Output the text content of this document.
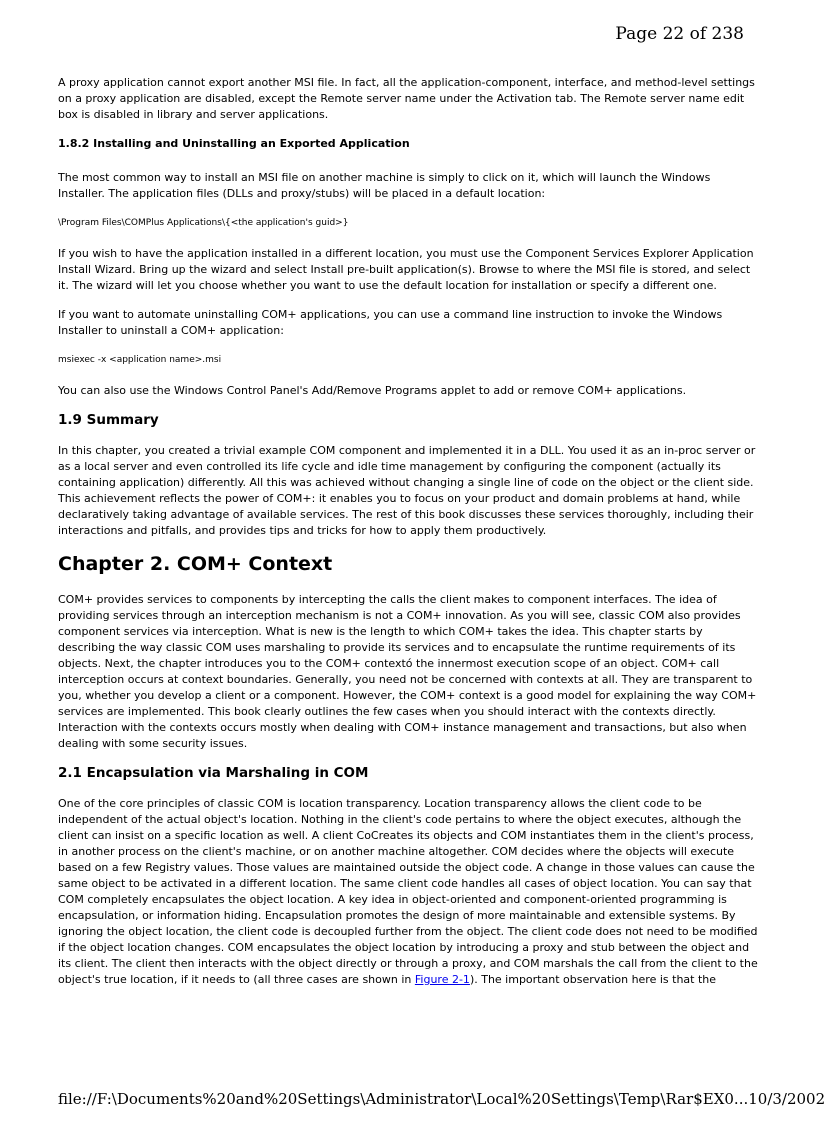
Page 22 of 238

A proxy application cannot export another MSI file. In fact, all the application-component, interface, and method-level settings on a proxy application are disabled, except the Remote server name under the Activation tab. The Remote server name edit box is disabled in library and server applications.

1.8.2 Installing and Uninstalling an Exported Application

The most common way to install an MSI file on another machine is simply to click on it, which will launch the Windows Installer. The application files (DLLs and proxy/stubs) will be placed in a default location:

\Program Files\COMPlus Applications\{<the application's guid>}

If you wish to have the application installed in a different location, you must use the Component Services Explorer Application Install Wizard. Bring up the wizard and select Install pre-built application(s). Browse to where the MSI file is stored, and select it. The wizard will let you choose whether you want to use the default location for installation or specify a different one.

If you want to automate uninstalling COM+ applications, you can use a command line instruction to invoke the Windows Installer to uninstall a COM+ application:

msiexec -x <application name>.msi

You can also use the Windows Control Panel's Add/Remove Programs applet to add or remove COM+ applications.

1.9 Summary

In this chapter, you created a trivial example COM component and implemented it in a DLL. You used it as an in-proc server or as a local server and even controlled its life cycle and idle time management by configuring the component (actually its containing application) differently. All this was achieved without changing a single line of code on the object or the client side. This achievement reflects the power of COM+: it enables you to focus on your product and domain problems at hand, while declaratively taking advantage of available services. The rest of this book discusses these services thoroughly, including their interactions and pitfalls, and provides tips and tricks for how to apply them productively.

Chapter 2. COM+ Context

COM+ provides services to components by intercepting the calls the client makes to component interfaces. The idea of providing services through an interception mechanism is not a COM+ innovation. As you will see, classic COM also provides component services via interception. What is new is the length to which COM+ takes the idea. This chapter starts by describing the way classic COM uses marshaling to provide its services and to encapsulate the runtime requirements of its objects. Next, the chapter introduces you to the COM+ contextó the innermost execution scope of an object. COM+ call interception occurs at context boundaries. Generally, you need not be concerned with contexts at all. They are transparent to you, whether you develop a client or a component. However, the COM+ context is a good model for explaining the way COM+ services are implemented. This book clearly outlines the few cases when you should interact with the contexts directly. Interaction with the contexts occurs mostly when dealing with COM+ instance management and transactions, but also when dealing with some security issues.

2.1 Encapsulation via Marshaling in COM

One of the core principles of classic COM is location transparency. Location transparency allows the client code to be independent of the actual object's location. Nothing in the client's code pertains to where the object executes, although the client can insist on a specific location as well. A client CoCreates its objects and COM instantiates them in the client's process, in another process on the client's machine, or on another machine altogether. COM decides where the objects will execute based on a few Registry values. Those values are maintained outside the object code. A change in those values can cause the same object to be activated in a different location. The same client code handles all cases of object location. You can say that COM completely encapsulates the object location. A key idea in object-oriented and component-oriented programming is encapsulation, or information hiding. Encapsulation promotes the design of more maintainable and extensible systems. By ignoring the object location, the client code is decoupled further from the object. The client code does not need to be modified if the object location changes. COM encapsulates the object location by introducing a proxy and stub between the object and its client. The client then interacts with the object directly or through a proxy, and COM marshals the call from the client to the object's true location, if it needs to (all three cases are shown in Figure 2-1). The important observation here is that the

file://F:\Documents%20and%20Settings\Administrator\Local%20Settings\Temp\Rar$EX0... 10/3/2002
